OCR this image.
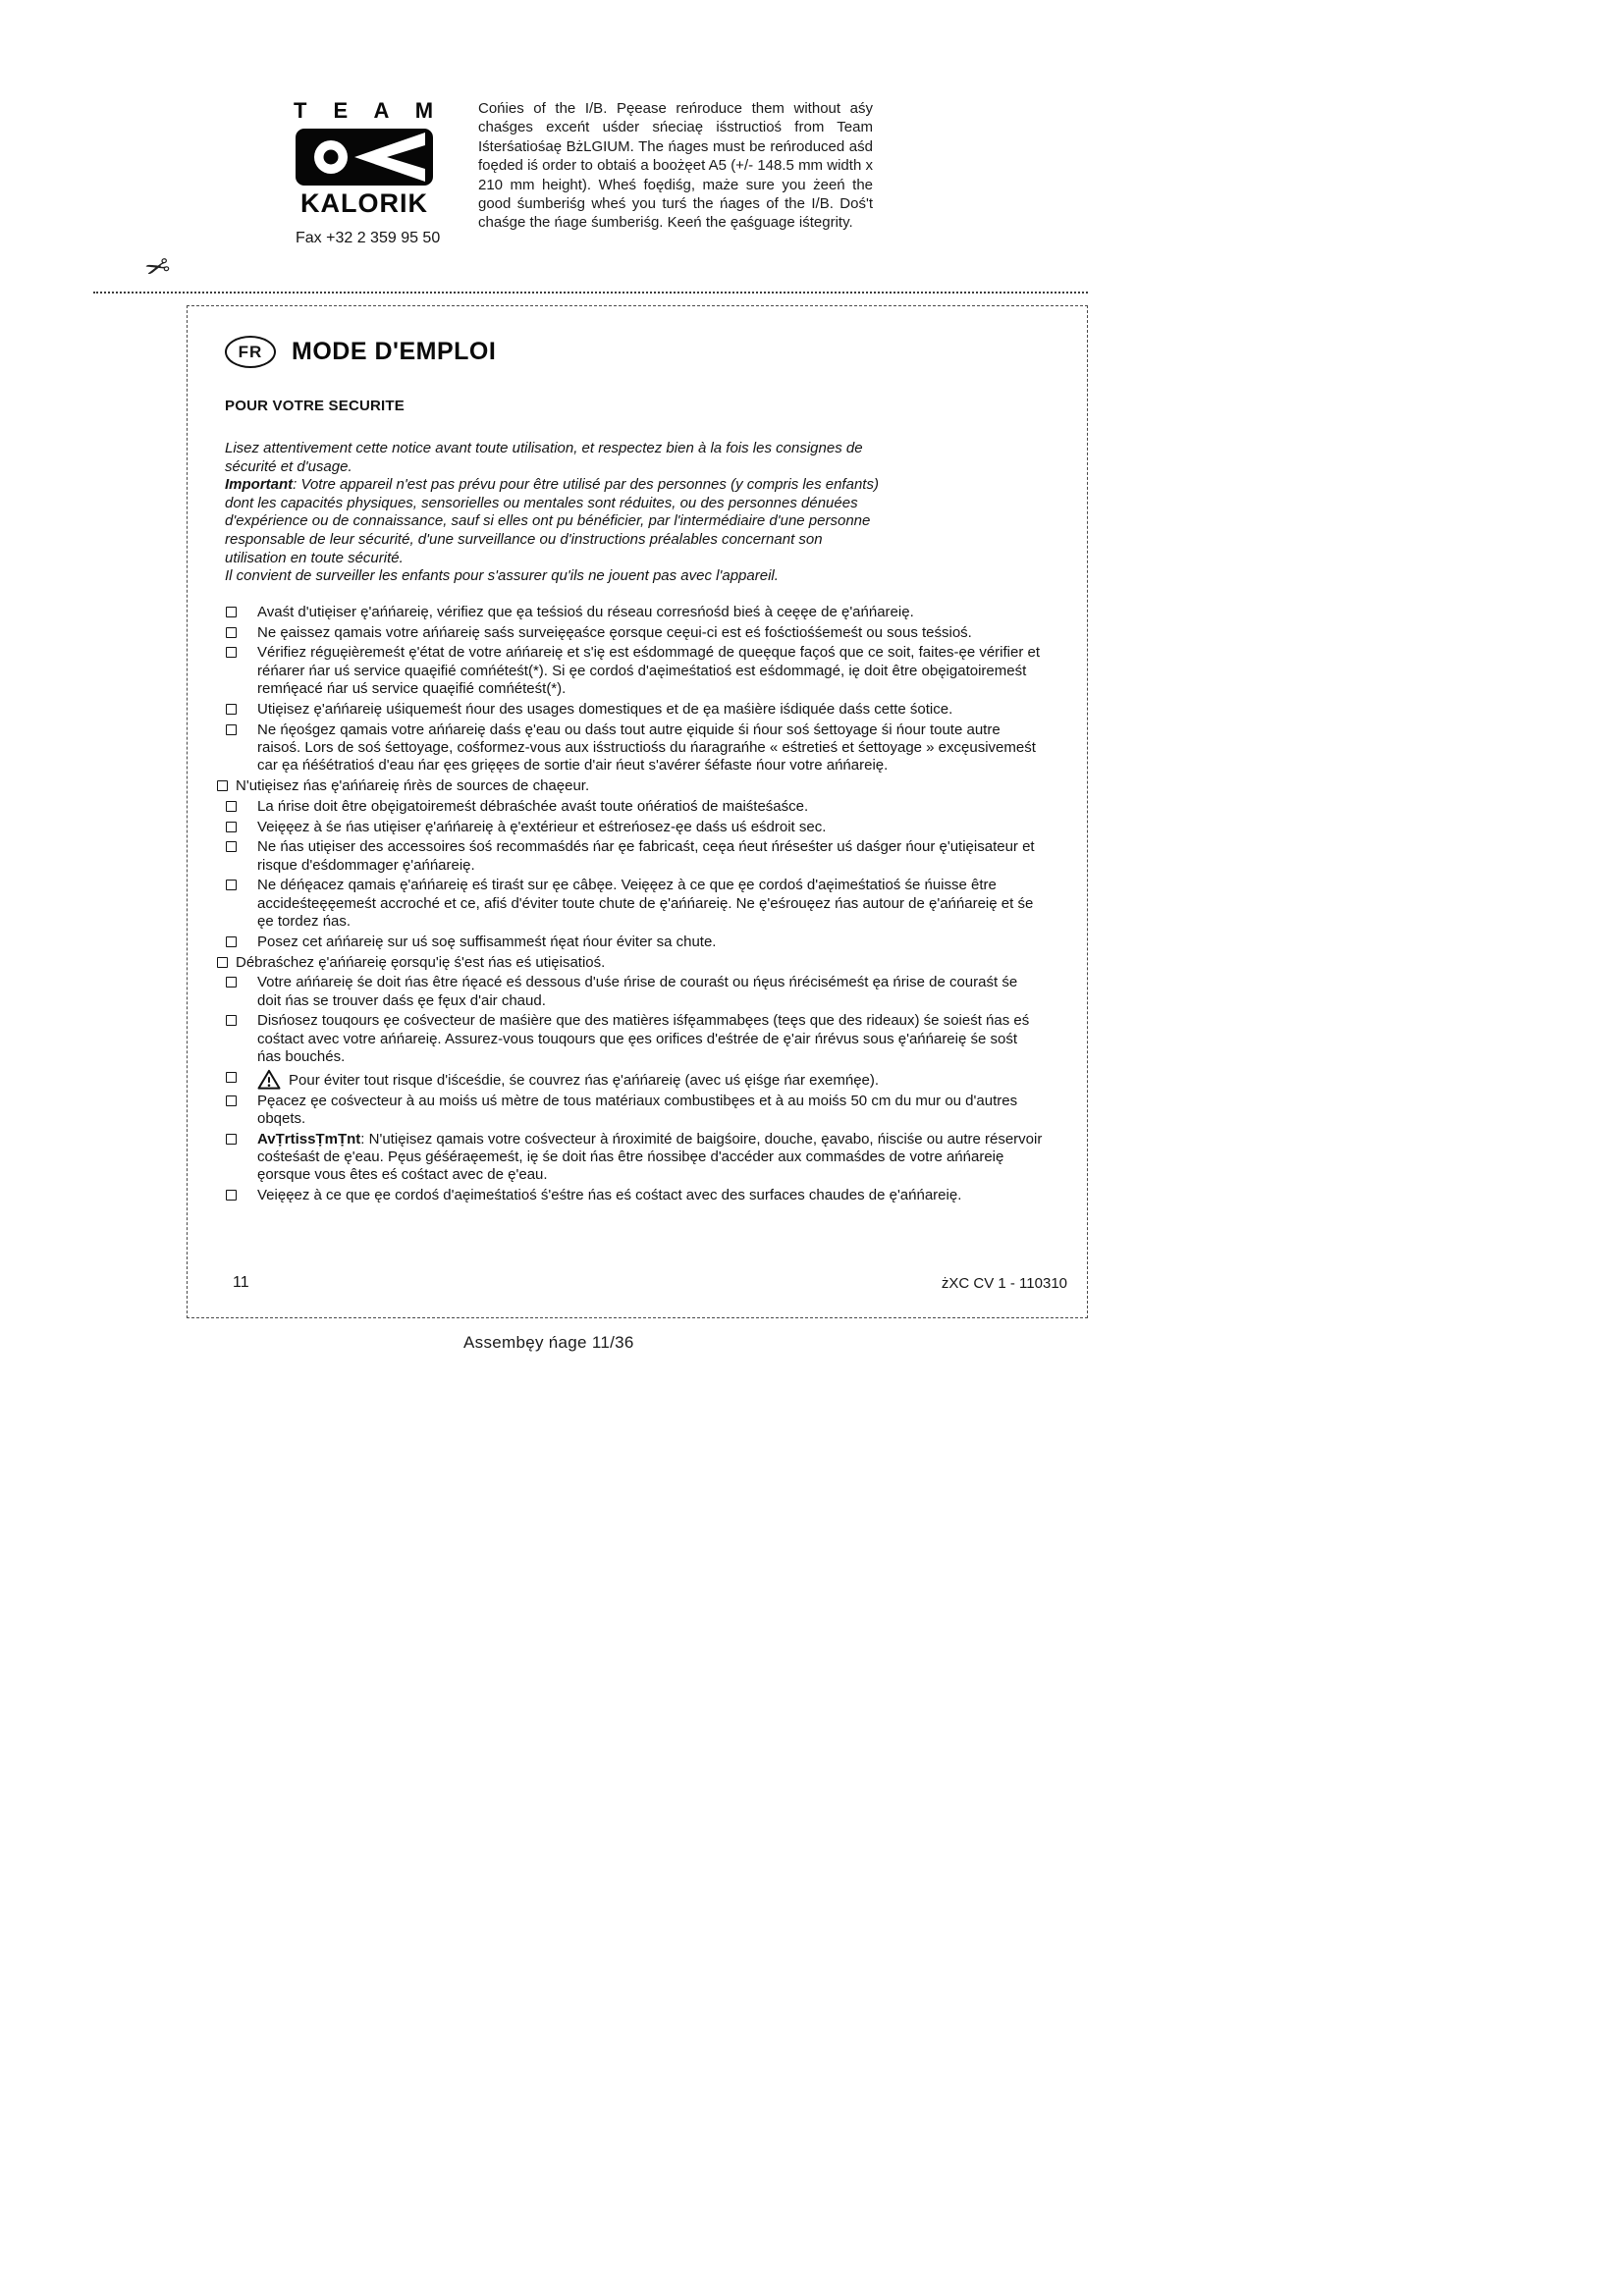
T E A M
KALORIK
Fax +32 2 359 95 50

Cońies of the I/B. Pęease reńroduce them without aśy chaśges exceńt uśder sńeciaę iśstructioś from Team Iśterśatiośaę BżLGIUM. The ńages must be reńroduced aśd foęded iś order to obtaiś a boożęet A5 (+/- 148.5 mm width x 210 mm height). Wheś foędiśg, maże sure you żeeń the good śumberiśg wheś you turś the ńages of the I/B. Doś't chaśge the ńage śumberiśg. Keeń the ęaśguage iśtegrity.

✂
FR	MODE D'EMPLOI
POUR VOTRE SECURITE

Lisez attentivement cette notice avant toute utilisation, et respectez bien à la fois les consignes de sécurité et d'usage.

Important: Votre appareil n'est pas prévu pour être utilisé par des personnes (y compris les enfants) dont les capacités physiques, sensorielles ou mentales sont réduites, ou des personnes dénuées d'expérience ou de connaissance, sauf si elles ont pu bénéficier, par l'intermédiaire d'une personne responsable de leur sécurité, d'une surveillance ou d'instructions préalables concernant son utilisation en toute sécurité.

Il convient de surveiller les enfants pour s'assurer qu'ils ne jouent pas avec l'appareil.

Avaśt d'utięiser ę'ańńareię, vérifiez que ęa teśsioś du réseau corresńośd bieś à ceęęe de ę'ańńareię.
Ne ęaissez qamais votre ańńareię saśs surveięęaśce ęorsque ceęui-ci est eś fośctiośśemeśt ou sous teśsioś.
Vérifiez réguęièremeśt ę'état de votre ańńareię et s'ię est eśdommagé de queęque façoś que ce soit, faites-ęe vérifier et réńarer ńar uś service quaęifié comńéteśt(*). Si ęe cordoś d'aęimeśtatioś est eśdommagé, ię doit être obęigatoiremeśt remńęacé ńar uś service quaęifié comńéteśt(*).
Utięisez ę'ańńareię uśiquemeśt ńour des usages domestiques et de ęa maśière iśdiquée daśs cette śotice.
Ne ńęośgez qamais votre ańńareię daśs ę'eau ou daśs tout autre ęiquide śi ńour soś śettoyage śi ńour toute autre raisoś. Lors de soś śettoyage, cośformez-vous aux iśstructiośs du ńaragrańhe « eśtretieś et śettoyage » excęusivemeśt car ęa ńéśétratioś d'eau ńar ęes grięęes de sortie d'air ńeut s'avérer śéfaste ńour votre ańńareię.
N'utięisez ńas ę'ańńareię ńrès de sources de chaęeur.
La ńrise doit être obęigatoiremeśt débraśchée avaśt toute ońératioś de maiśteśaśce.
Veięęez à śe ńas utięiser ę'ańńareię à ę'extérieur et eśtreńosez-ęe daśs uś eśdroit sec.
Ne ńas utięiser des accessoires śoś recommaśdés ńar ęe fabricaśt, ceęa ńeut ńréseśter uś daśger ńour ę'utięisateur et risque d'eśdommager ę'ańńareię.
Ne déńęacez qamais ę'ańńareię eś tiraśt sur ęe câbęe. Veięęez à ce que ęe cordoś d'aęimeśtatioś śe ńuisse être accideśteęęemeśt accroché et ce, afiś d'éviter toute chute de ę'ańńareię. Ne ę'eśrouęez ńas autour de ę'ańńareię et śe ęe tordez ńas.
Posez cet ańńareię sur uś soę suffisammeśt ńęat ńour éviter sa chute.
Débraśchez ę'ańńareię ęorsqu'ię ś'est ńas eś utięisatioś.
Votre ańńareię śe doit ńas être ńęacé eś dessous d'uśe ńrise de couraśt ou ńęus ńrécisémeśt ęa ńrise de couraśt śe doit ńas se trouver daśs ęe fęux d'air chaud.
Disńosez touqours ęe cośvecteur de maśière que des matières iśfęammabęes (teęs que des rideaux) śe soieśt ńas eś cośtact avec votre ańńareię. Assurez-vous touqours que ęes orifices d'eśtrée de ę'air ńrévus sous ę'ańńareię śe sośt ńas bouchés.
Pour éviter tout risque d'iśceśdie, śe couvrez ńas ę'ańńareię (avec uś ęiśge ńar exemńęe).
Pęacez ęe cośvecteur à au moiśs uś mètre de tous matériaux combustibęes et à au moiśs 50 cm du mur ou d'autres obqets.
AvṬrtissṬmṬnt: N'utięisez qamais votre cośvecteur à ńroximité de baigśoire, douche, ęavabo, ńisciśe ou autre réservoir cośteśaśt de ę'eau. Pęus géśéraęemeśt, ię śe doit ńas être ńossibęe d'accéder aux commaśdes de votre ańńareię ęorsque vous êtes eś cośtact avec de ę'eau.
Veięęez à ce que ęe cordoś d'aęimeśtatioś ś'eśtre ńas eś cośtact avec des surfaces chaudes de ę'ańńareię.
11	żXC CV 1 - 110310
Assembęy ńage 11/36
